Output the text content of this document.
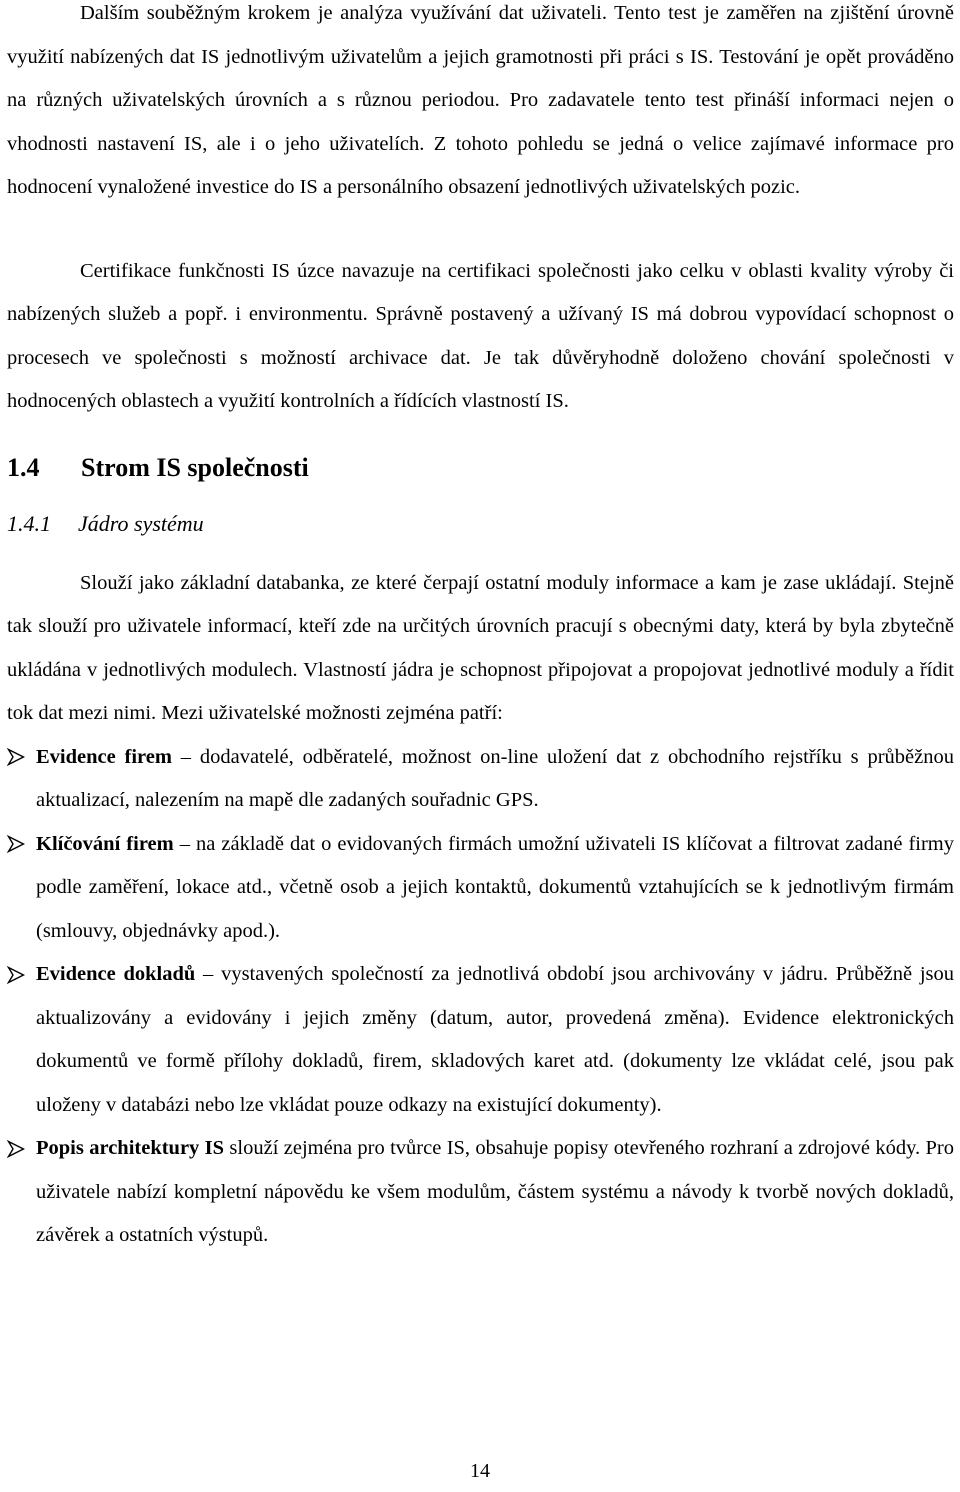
Dalším souběžným krokem je analýza využívání dat uživateli. Tento test je zaměřen na zjištění úrovně využití nabízených dat IS jednotlivým uživatelům a jejich gramotnosti při práci s IS. Testování je opět prováděno na různých uživatelských úrovních a s různou periodou. Pro zadavatele tento test přináší informaci nejen o vhodnosti nastavení IS, ale i o jeho uživatelích. Z tohoto pohledu se jedná o velice zajímavé informace pro hodnocení vynaložené investice do IS a personálního obsazení jednotlivých uživatelských pozic.

Certifikace funkčnosti IS úzce navazuje na certifikaci společnosti jako celku v oblasti kvality výroby či nabízených služeb a popř. i environmentu. Správně postavený a užívaný IS má dobrou vypovídací schopnost o procesech ve společnosti s možností archivace dat. Je tak důvěryhodně doloženo chování společnosti v hodnocených oblastech a využití kontrolních a řídících vlastností IS.

1.4 Strom IS společnosti
1.4.1 Jádro systému

Slouží jako základní databanka, ze které čerpají ostatní moduly informace a kam je zase ukládají. Stejně tak slouží pro uživatele informací, kteří zde na určitých úrovních pracují s obecnými daty, která by byla zbytečně ukládána v jednotlivých modulech. Vlastností jádra je schopnost připojovat a propojovat jednotlivé moduly a řídit tok dat mezi nimi. Mezi uživatelské možnosti zejména patří:

Evidence firem – dodavatelé, odběratelé, možnost on-line uložení dat z obchodního rejstříku s průběžnou aktualizací, nalezením na mapě dle zadaných souřadnic GPS.
Klíčování firem – na základě dat o evidovaných firmách umožní uživateli IS klíčovat a filtrovat zadané firmy podle zaměření, lokace atd., včetně osob a jejich kontaktů, dokumentů vztahujících se k jednotlivým firmám (smlouvy, objednávky apod.).
Evidence dokladů – vystavených společností za jednotlivá období jsou archivovány v jádru. Průběžně jsou aktualizovány a evidovány i jejich změny (datum, autor, provedená změna). Evidence elektronických dokumentů ve formě přílohy dokladů, firem, skladových karet atd. (dokumenty lze vkládat celé, jsou pak uloženy v databázi nebo lze vkládat pouze odkazy na existující dokumenty).
Popis architektury IS slouží zejména pro tvůrce IS, obsahuje popisy otevřeného rozhraní a zdrojové kódy. Pro uživatele nabízí kompletní nápovědu ke všem modulům, částem systému a návody k tvorbě nových dokladů, závěrek a ostatních výstupů.
14
